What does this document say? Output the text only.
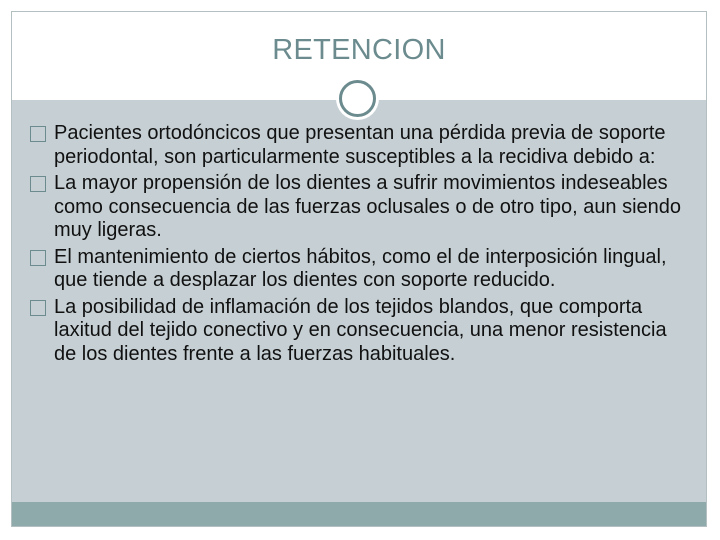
RETENCION
Pacientes ortodóncicos que presentan una pérdida previa de soporte periodontal, son particularmente susceptibles a la recidiva debido a:
La mayor propensión de los dientes a sufrir movimientos indeseables como consecuencia de las fuerzas oclusales o de otro tipo, aun siendo muy ligeras.
El mantenimiento de ciertos hábitos, como el de interposición lingual, que tiende a desplazar los dientes con soporte reducido.
La posibilidad de inflamación de los tejidos blandos, que comporta laxitud del tejido conectivo y en consecuencia, una menor resistencia de los dientes frente a las fuerzas habituales.
